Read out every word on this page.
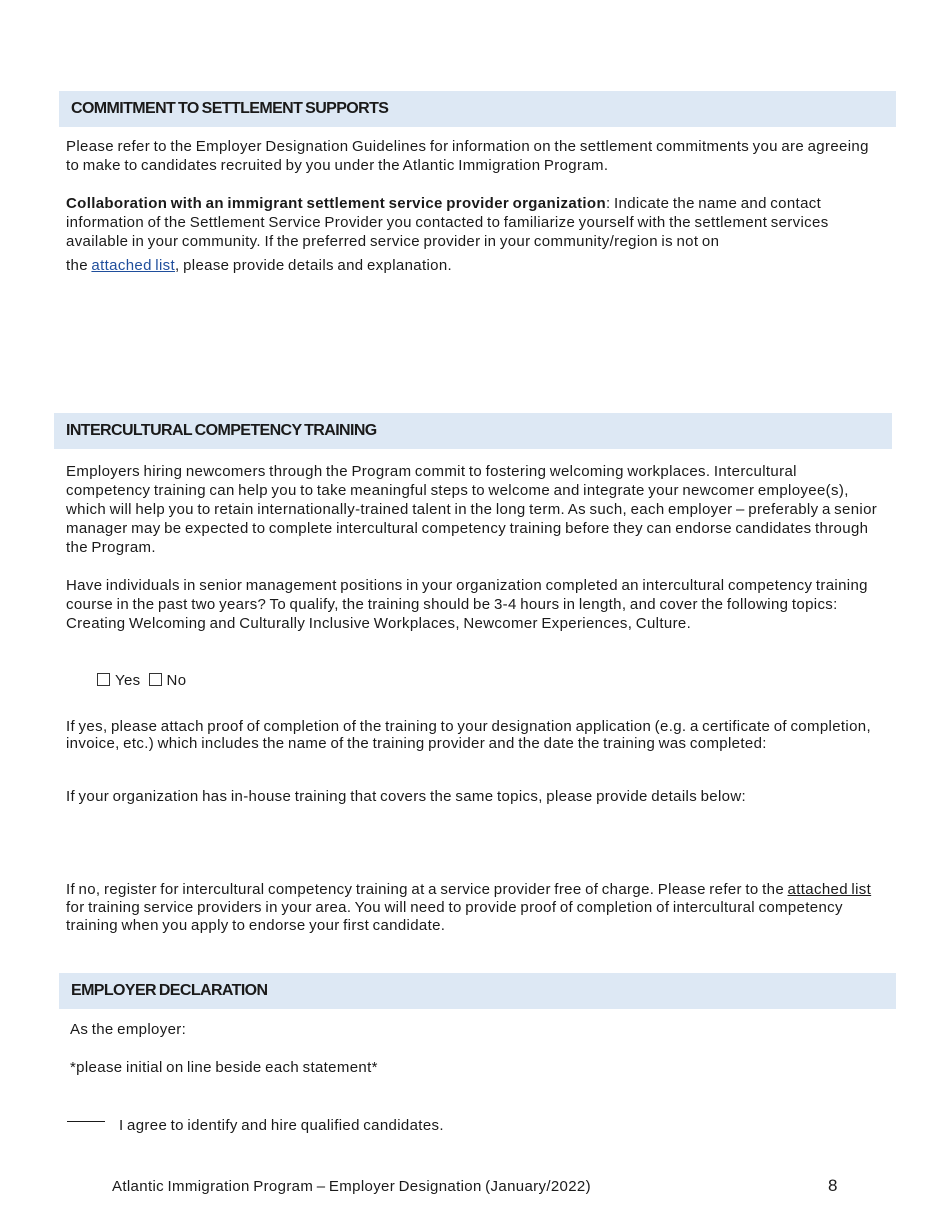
COMMITMENT TO SETTLEMENT SUPPORTS

Please refer to the Employer Designation Guidelines for information on the settlement commitments you are agreeing to make to candidates recruited by you under the Atlantic Immigration Program.

Collaboration with an immigrant settlement service provider organization: Indicate the name and contact information of the Settlement Service Provider you contacted to familiarize yourself with the settlement services available in your community. If the preferred service provider in your community/region is not on

the attached list, please provide details and explanation.

INTERCULTURAL COMPETENCY TRAINING

Employers hiring newcomers through the Program commit to fostering welcoming workplaces. Intercultural competency training can help you to take meaningful steps to welcome and integrate your newcomer employee(s), which will help you to retain internationally-trained talent in the long term. As such, each employer – preferably a senior manager may be expected to complete intercultural competency training before they can endorse candidates through the Program.

Have individuals in senior management positions in your organization completed an intercultural competency training course in the past two years? To qualify, the training should be 3-4 hours in length, and cover the following topics: Creating Welcoming and Culturally Inclusive Workplaces, Newcomer Experiences, Culture.

Yes	No

If yes, please attach proof of completion of the training to your designation application (e.g. a certificate of completion, invoice, etc.) which includes the name of the training provider and the date the training was completed:

If your organization has in-house training that covers the same topics, please provide details below:

If no, register for intercultural competency training at a service provider free of charge. Please refer to the attached list for training service providers in your area. You will need to provide proof of completion of intercultural competency training when you apply to endorse your first candidate.

EMPLOYER DECLARATION

As the employer:

*please initial on line beside each statement*

I agree to identify and hire qualified candidates.

Atlantic Immigration Program – Employer Designation (January/2022)	8
